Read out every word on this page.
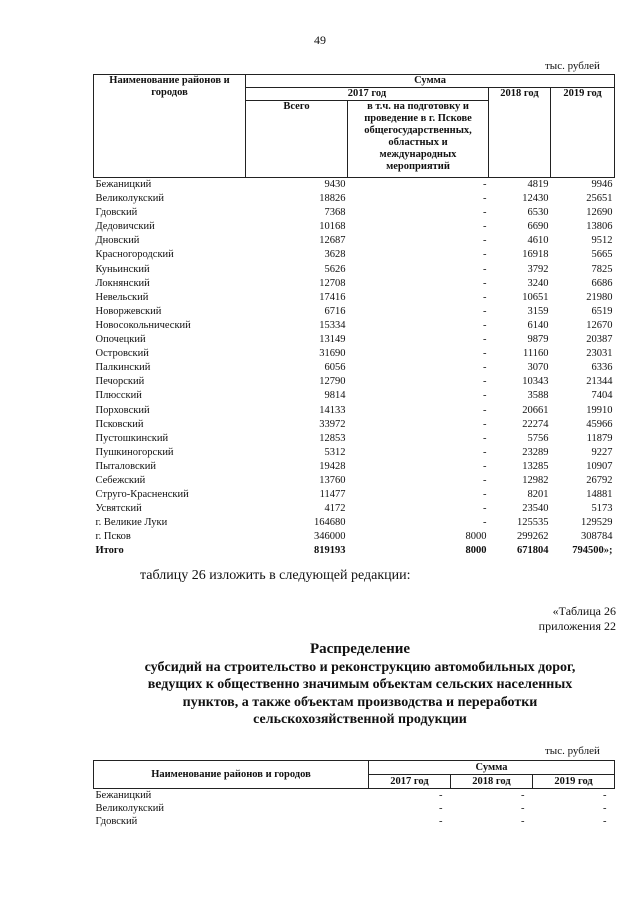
49
тыс. рублей
Наименование районов и городов	Сумма			
	2017 год		2018 год	2019 год
	Всего	в т.ч. на подготовку и проведение в г. Пскове общегосударственных, областных и международных мероприятий		
Бежаницкий	9430	-	4819	9946
Великолукский	18826	-	12430	25651
Гдовский	7368	-	6530	12690
Дедовичский	10168	-	6690	13806
Дновский	12687	-	4610	9512
Красногородский	3628	-	16918	5665
Куньинский	5626	-	3792	7825
Локнянский	12708	-	3240	6686
Невельский	17416	-	10651	21980
Новоржевский	6716	-	3159	6519
Новосокольнический	15334	-	6140	12670
Опочецкий	13149	-	9879	20387
Островский	31690	-	11160	23031
Палкинский	6056	-	3070	6336
Печорский	12790	-	10343	21344
Плюсский	9814	-	3588	7404
Порховский	14133	-	20661	19910
Псковский	33972	-	22274	45966
Пустошкинский	12853	-	5756	11879
Пушкиногорский	5312	-	23289	9227
Пыталовский	19428	-	13285	10907
Себежский	13760	-	12982	26792
Струго-Красненский	11477	-	8201	14881
Усвятский	4172	-	23540	5173
г. Великие Луки	164680	-	125535	129529
г. Псков	346000	8000	299262	308784
Итого	819193	8000	671804	794500»;
таблицу 26 изложить в следующей редакции:
«Таблица 26
приложения 22
Распределение
субсидий на строительство и реконструкцию автомобильных дорог,
ведущих к общественно значимым объектам сельских населенных
пунктов, а также объектам производства и переработки
сельскохозяйственной продукции
тыс. рублей
Наименование районов и городов	Сумма		
	2017 год	2018 год	2019 год
Бежаницкий	-	-	-
Великолукский	-	-	-
Гдовский	-	-	-
